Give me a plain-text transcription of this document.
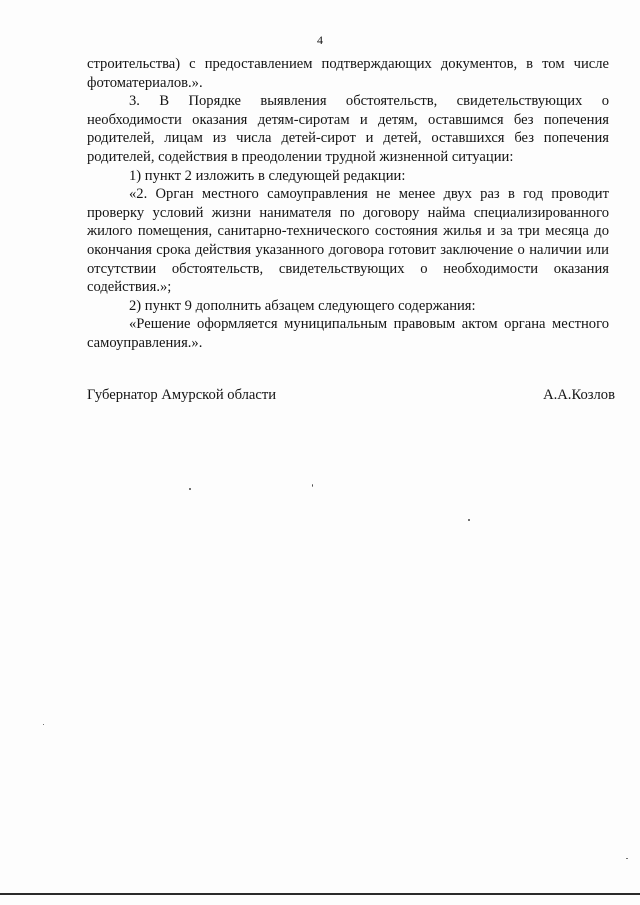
4

строительства) с предоставлением подтверждающих документов, в том числе фотоматериалов.».

3. В Порядке выявления обстоятельств, свидетельствующих о необходимости оказания детям-сиротам и детям, оставшимся без попечения родителей, лицам из числа детей-сирот и детей, оставшихся без попечения родителей, содействия в преодолении трудной жизненной ситуации:

1) пункт 2 изложить в следующей редакции:

«2. Орган местного самоуправления не менее двух раз в год проводит проверку условий жизни нанимателя по договору найма специализированного жилого помещения, санитарно-технического состояния жилья и за три месяца до окончания срока действия указанного договора готовит заключение о наличии или отсутствии обстоятельств, свидетельствующих о необходимости оказания содействия.»;

2) пункт 9 дополнить абзацем следующего содержания:

«Решение оформляется муниципальным правовым актом органа местного самоуправления.».

Губернатор Амурской области	А.А.Козлов
